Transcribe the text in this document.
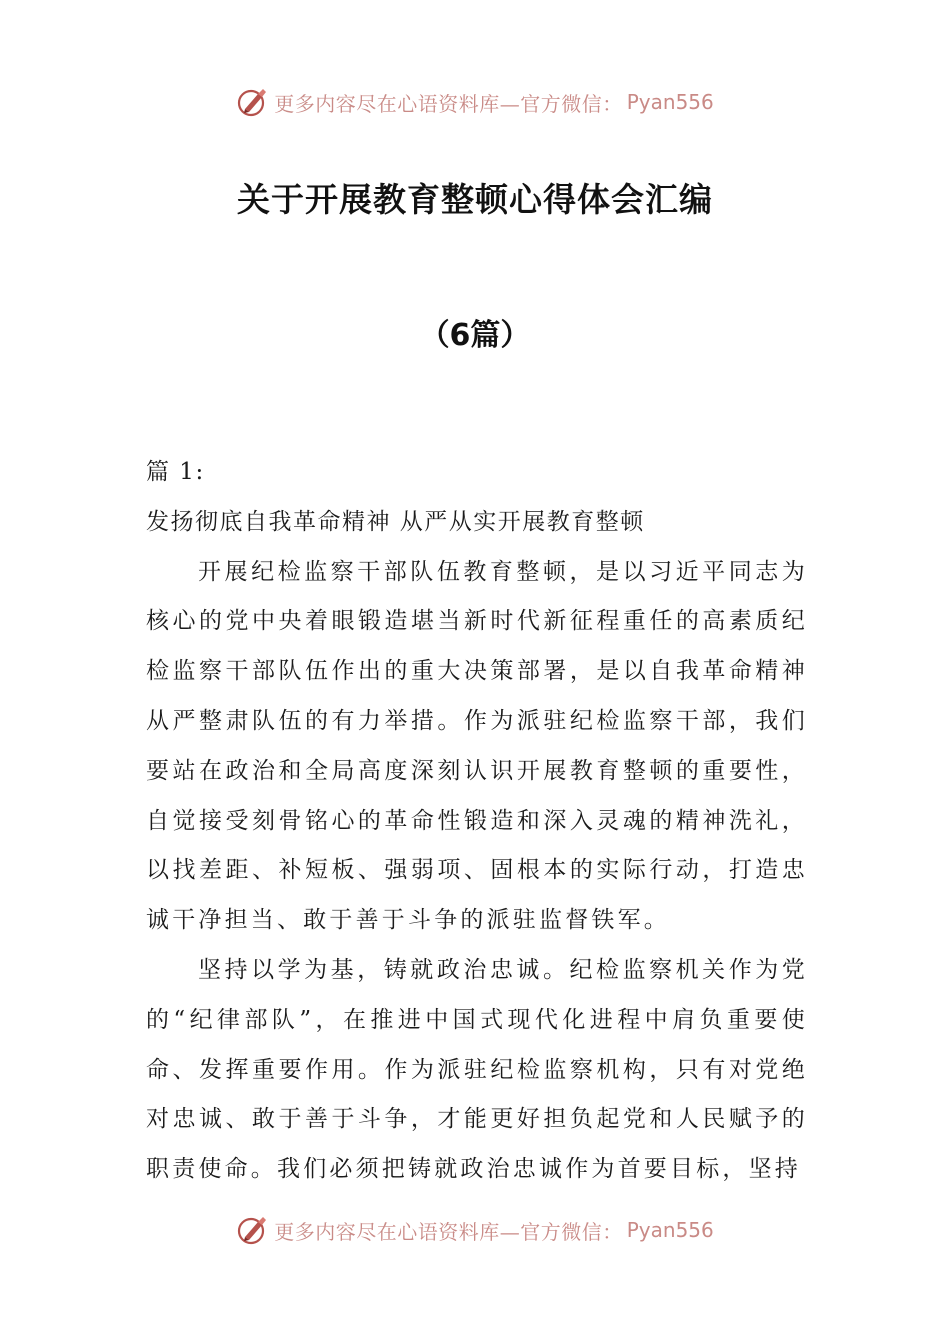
更多内容尽在心语资料库—官方微信： Pyan556
关于开展教育整顿心得体会汇编
（6篇）

篇 1:

发扬彻底自我革命精神 从严从实开展教育整顿

开展纪检监察干部队伍教育整顿，是以习近平同志为核心的党中央着眼锻造堪当新时代新征程重任的高素质纪检监察干部队伍作出的重大决策部署，是以自我革命精神从严整肃队伍的有力举措。作为派驻纪检监察干部，我们要站在政治和全局高度深刻认识开展教育整顿的重要性，自觉接受刻骨铭心的革命性锻造和深入灵魂的精神洗礼，以找差距、补短板、强弱项、固根本的实际行动，打造忠诚干净担当、敢于善于斗争的派驻监督铁军。

坚持以学为基，铸就政治忠诚。纪检监察机关作为党的“纪律部队”，在推进中国式现代化进程中肩负重要使命、发挥重要作用。作为派驻纪检监察机构，只有对党绝对忠诚、敢于善于斗争，才能更好担负起党和人民赋予的职责使命。我们必须把铸就政治忠诚作为首要目标，坚持

更多内容尽在心语资料库—官方微信： Pyan556
